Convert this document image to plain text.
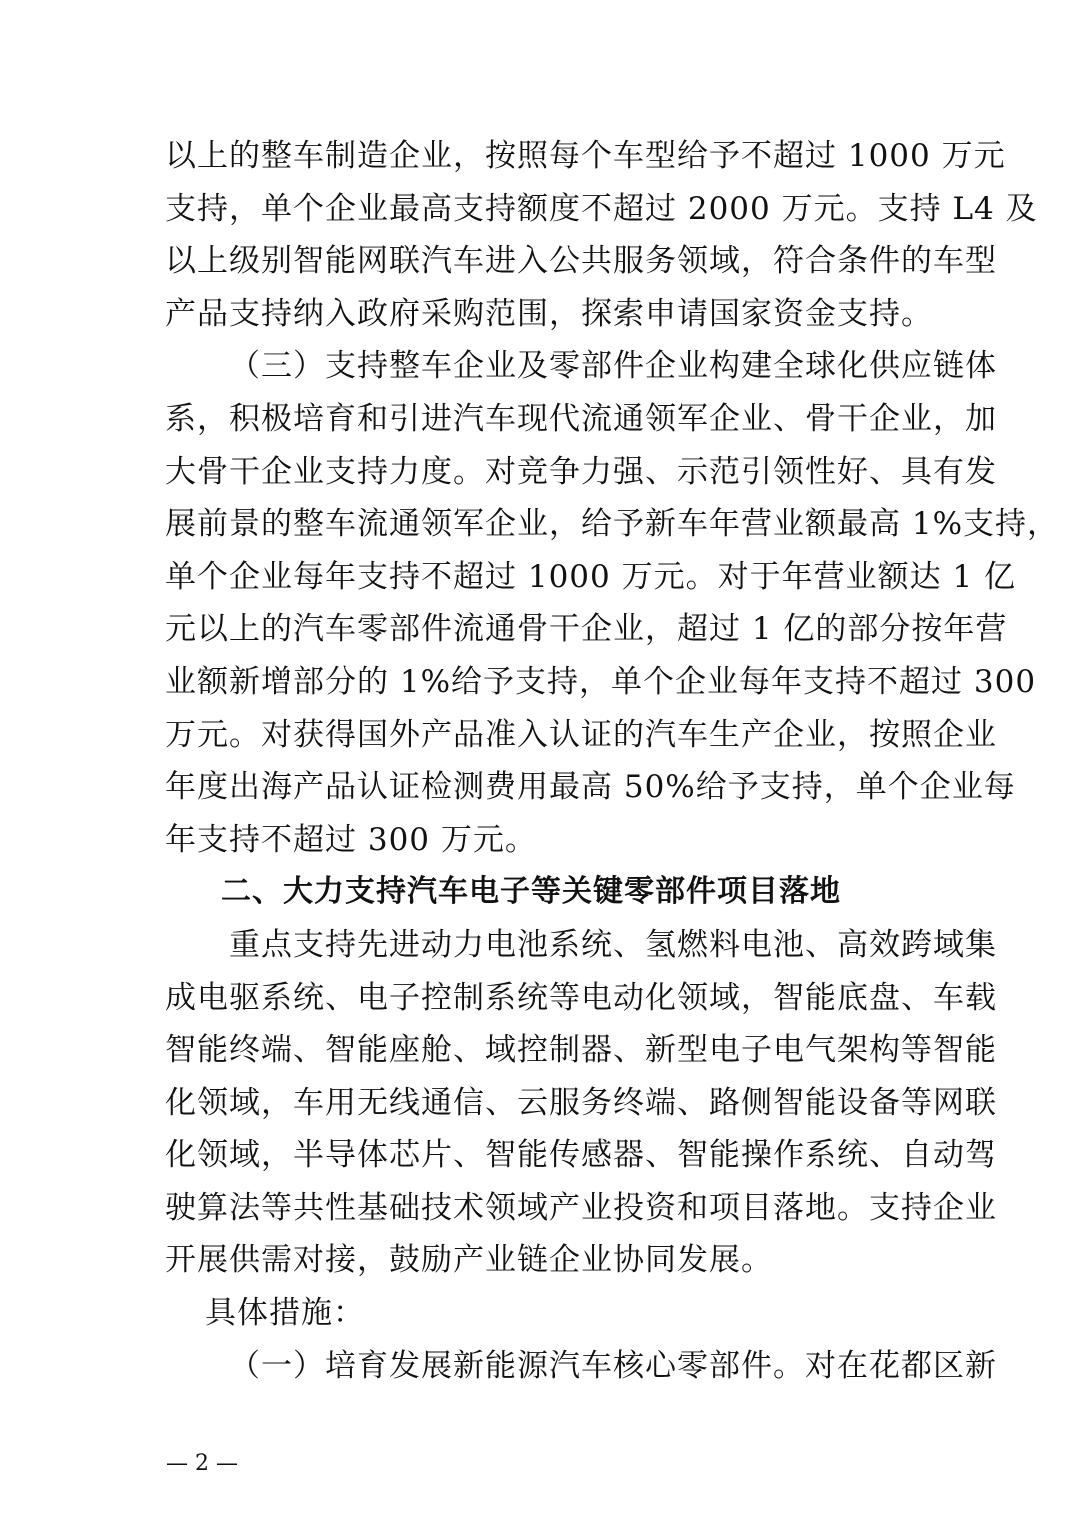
以上的整车制造企业，按照每个车型给予不超过 1000 万元
支持，单个企业最高支持额度不超过 2000 万元。支持 L4 及
以上级别智能网联汽车进入公共服务领域，符合条件的车型
产品支持纳入政府采购范围，探索申请国家资金支持。
（三）支持整车企业及零部件企业构建全球化供应链体
系，积极培育和引进汽车现代流通领军企业、骨干企业，加
大骨干企业支持力度。对竞争力强、示范引领性好、具有发
展前景的整车流通领军企业，给予新车年营业额最高 1%支持，
单个企业每年支持不超过 1000 万元。对于年营业额达 1 亿
元以上的汽车零部件流通骨干企业，超过 1 亿的部分按年营
业额新增部分的 1%给予支持，单个企业每年支持不超过 300
万元。对获得国外产品准入认证的汽车生产企业，按照企业
年度出海产品认证检测费用最高 50%给予支持，单个企业每
年支持不超过 300 万元。
二、大力支持汽车电子等关键零部件项目落地
重点支持先进动力电池系统、氢燃料电池、高效跨域集
成电驱系统、电子控制系统等电动化领域，智能底盘、车载
智能终端、智能座舱、域控制器、新型电子电气架构等智能
化领域，车用无线通信、云服务终端、路侧智能设备等网联
化领域，半导体芯片、智能传感器、智能操作系统、自动驾
驶算法等共性基础技术领域产业投资和项目落地。支持企业
开展供需对接，鼓励产业链企业协同发展。
具体措施：
（一）培育发展新能源汽车核心零部件。对在花都区新
— 2 —
